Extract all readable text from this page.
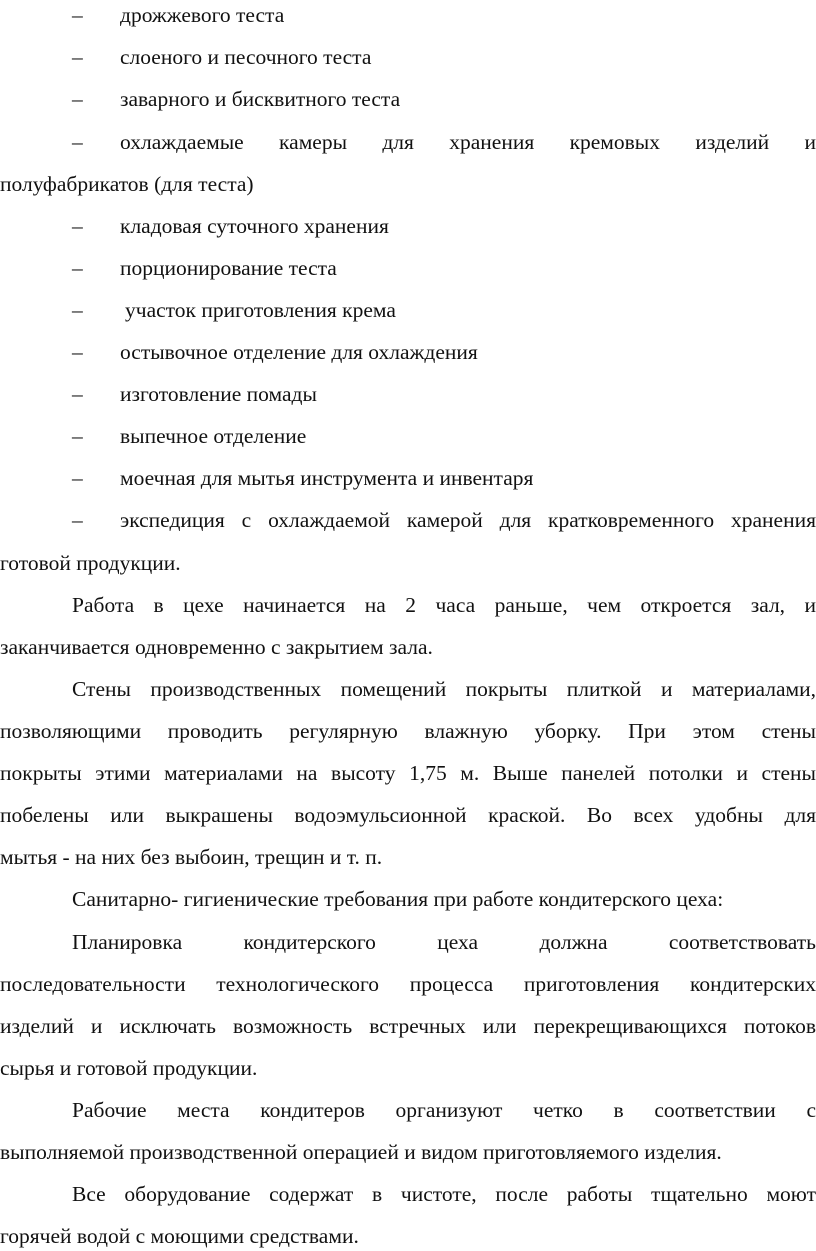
– дрожжевого теста
– слоеного и песочного теста
– заварного и бисквитного теста
– охлаждаемые камеры для хранения кремовых изделий и
полуфабрикатов (для теста)
– кладовая суточного хранения
– порционирование теста
– участок приготовления крема
– остывочное отделение для охлаждения
– изготовление помады
– выпечное отделение
– моечная для мытья инструмента и инвентаря
– экспедиция с охлаждаемой камерой для кратковременного хранения
готовой продукции.
Работа в цехе начинается на 2 часа раньше, чем откроется зал, и
заканчивается одновременно с закрытием зала.
Стены производственных помещений покрыты плиткой и материалами,
позволяющими проводить регулярную влажную уборку. При этом стены
покрыты этими материалами на высоту 1,75 м. Выше панелей потолки и стены
побелены или выкрашены водоэмульсионной краской. Во всех удобны для
мытья - на них без выбоин, трещин и т. п.
Санитарно- гигиенические требования при работе кондитерского цеха:
Планировка кондитерского цеха должна соответствовать
последовательности технологического процесса приготовления кондитерских
изделий и исключать возможность встречных или перекрещивающихся потоков
сырья и готовой продукции.
Рабочие места кондитеров организуют четко в соответствии с
выполняемой производственной операцией и видом приготовляемого изделия.
Все оборудование содержат в чистоте, после работы тщательно моют
горячей водой с моющими средствами.
